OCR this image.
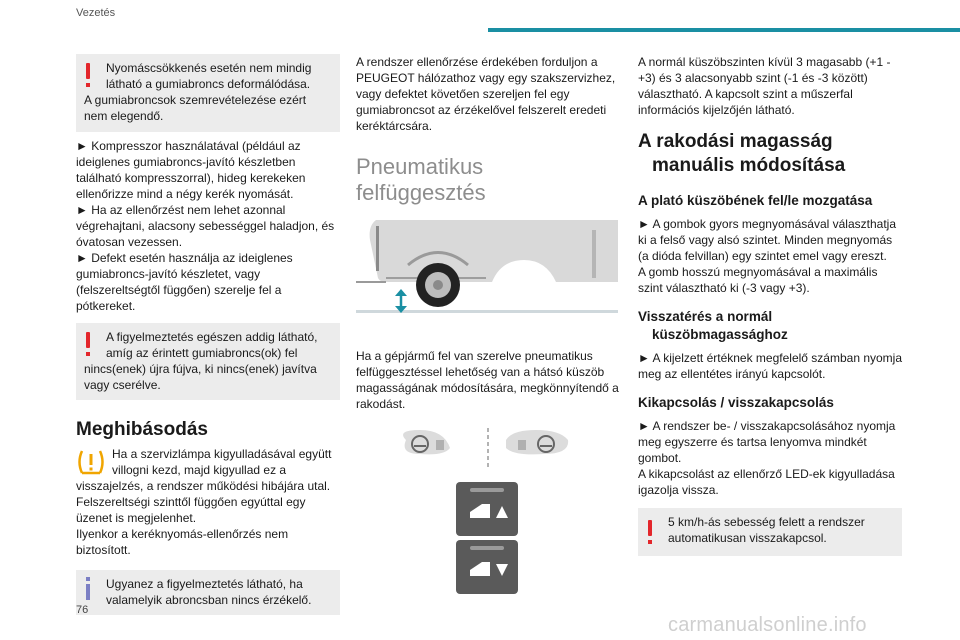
Vezetés

Nyomáscsökkenés esetén nem mindig látható a gumiabroncs deformálódása.

A gumiabroncsok szemrevételezése ezért nem elegendő.

► Kompresszor használatával (például az ideiglenes gumiabroncs-javító készletben található kompresszorral), hideg kerekeken ellenőrizze mind a négy kerék nyomását.

► Ha az ellenőrzést nem lehet azonnal végrehajtani, alacsony sebességgel haladjon, és óvatosan vezessen.

► Defekt esetén használja az ideiglenes gumiabroncs-javító készletet, vagy (felszereltségtől függően) szerelje fel a pótkereket.

A figyelmeztetés egészen addig látható, amíg az érintett gumiabroncs(ok) fel

nincs(enek) újra fújva, ki nincs(enek) javítva vagy cserélve.

Meghibásodás

Ha a szervizlámpa kigyulladásával együtt villogni kezd, majd kigyullad ez a visszajelzés, a rendszer működési hibájára utal. Felszereltségi szinttől függően egyúttal egy üzenet is megjelenhet.

Ilyenkor a keréknyomás-ellenőrzés nem biztosított.

Ugyanez a figyelmeztetés látható, ha valamelyik abroncsban nincs érzékelő.

A rendszer ellenőrzése érdekében forduljon a PEUGEOT hálózathoz vagy egy szakszervizhez, vagy defektet követően szereljen fel egy gumiabroncsot az érzékelővel felszerelt eredeti keréktárcsára.

Pneumatikus
felfüggesztés

Ha a gépjármű fel van szerelve pneumatikus felfüggesztéssel lehetőség van a hátsó küszöb magasságának módosítására, megkönnyítendő a rakodást.

A normál küszöbszinten kívül 3 magasabb (+1 - +3) és 3 alacsonyabb szint (-1 és -3 között) választható. A kapcsolt szint a műszerfal információs kijelzőjén látható.

A rakodási magasság
manuális módosítása
A plató küszöbének fel/le mozgatása

► A gombok gyors megnyomásával választhatja ki a felső vagy alsó szintet. Minden megnyomás (a dióda felvillan) egy szintet emel vagy ereszt.

A gomb hosszú megnyomásával a maximális szint választható ki (-3 vagy +3).

Visszatérés a normál
küszöbmagassághoz

► A kijelzett értéknek megfelelő számban nyomja meg az ellentétes irányú kapcsolót.

Kikapcsolás / visszakapcsolás

► A rendszer be- / visszakapcsolásához nyomja meg egyszerre és tartsa lenyomva mindkét gombot.

A kikapcsolást az ellenőrző LED-ek kigyulladása igazolja visszа.

5 km/h-ás sebesség felett a rendszer automatikusan visszakapcsol.

76
carmanualsonline.info
